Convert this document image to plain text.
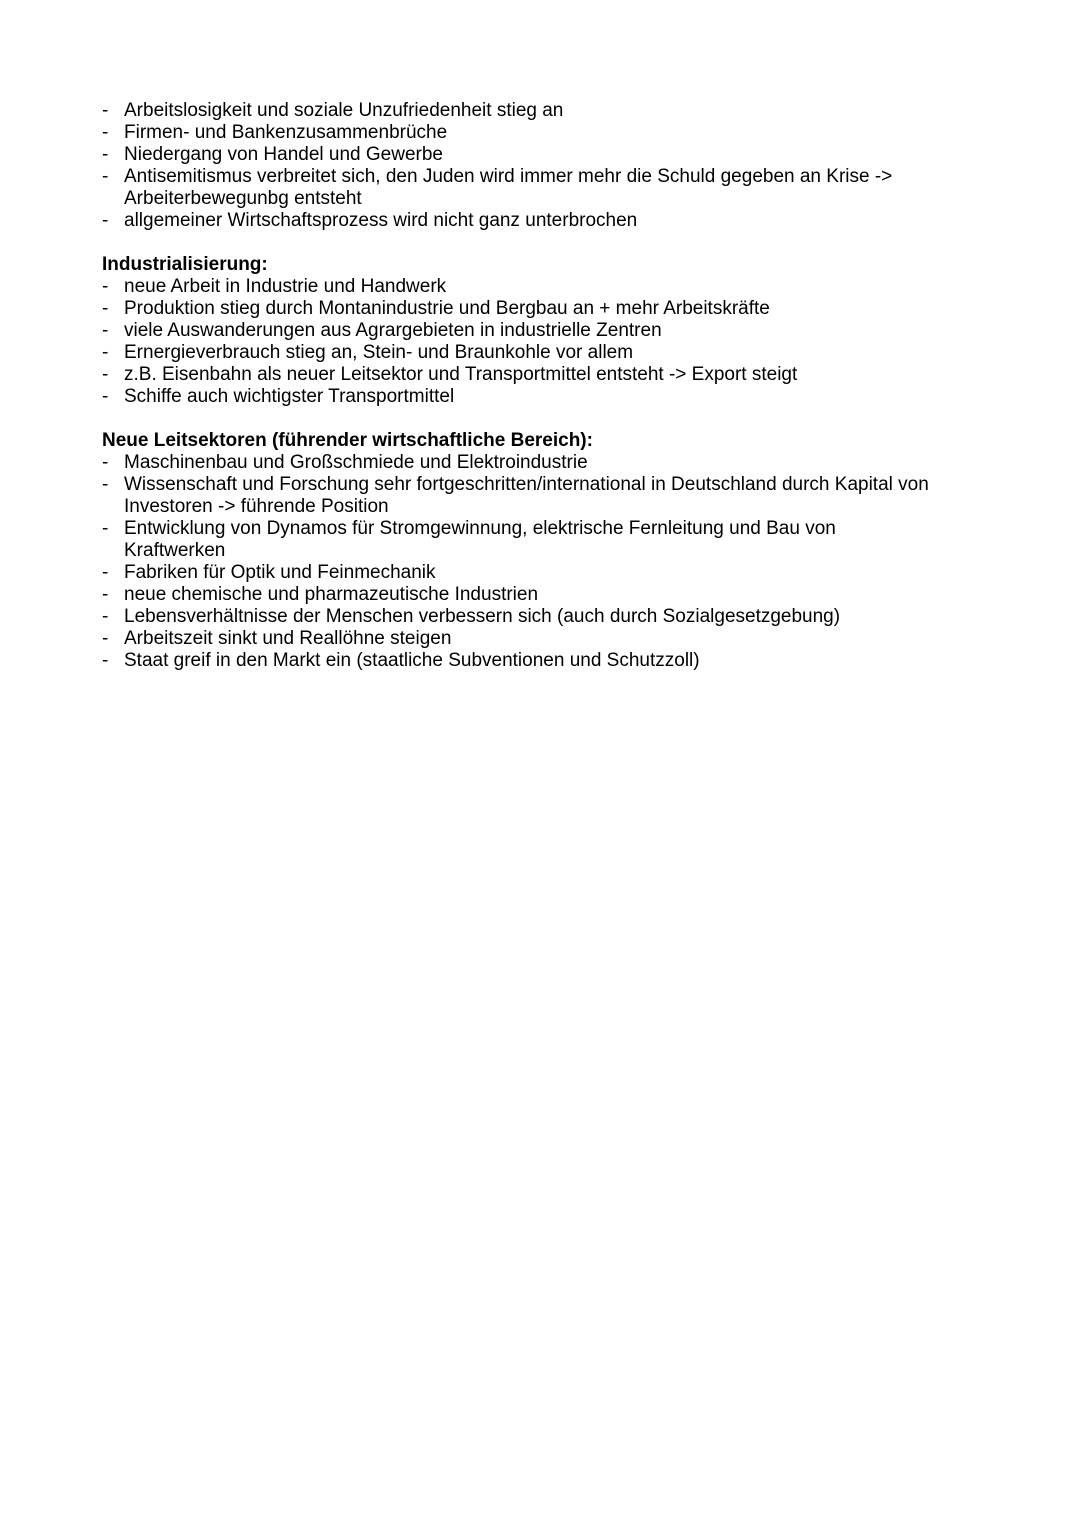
- Arbeitslosigkeit und soziale Unzufriedenheit stieg an
- Firmen- und Bankenzusammenbrüche
- Niedergang von Handel und Gewerbe
- Antisemitismus verbreitet sich, den Juden wird immer mehr die Schuld gegeben an Krise -> Arbeiterbewegunbg entsteht
- allgemeiner Wirtschaftsprozess wird nicht ganz unterbrochen
Industrialisierung:
- neue Arbeit in Industrie und Handwerk
- Produktion stieg durch Montanindustrie und Bergbau an + mehr Arbeitskräfte
- viele Auswanderungen aus Agrargebieten in industrielle Zentren
- Ernergieverbrauch stieg an, Stein- und Braunkohle vor allem
- z.B. Eisenbahn als neuer Leitsektor und Transportmittel entsteht -> Export steigt
- Schiffe auch wichtigster Transportmittel
Neue Leitsektoren (führender wirtschaftliche Bereich):
- Maschinenbau und Großschmiede und Elektroindustrie
- Wissenschaft und Forschung sehr fortgeschritten/international in Deutschland durch Kapital von Investoren -> führende Position
- Entwicklung von Dynamos für Stromgewinnung, elektrische Fernleitung und Bau von Kraftwerken
- Fabriken für Optik und Feinmechanik
- neue chemische und pharmazeutische Industrien
- Lebensverhältnisse der Menschen verbessern sich (auch durch Sozialgesetzgebung)
- Arbeitszeit sinkt und Reallöhne steigen
- Staat greif in den Markt ein (staatliche Subventionen und Schutzzoll)
